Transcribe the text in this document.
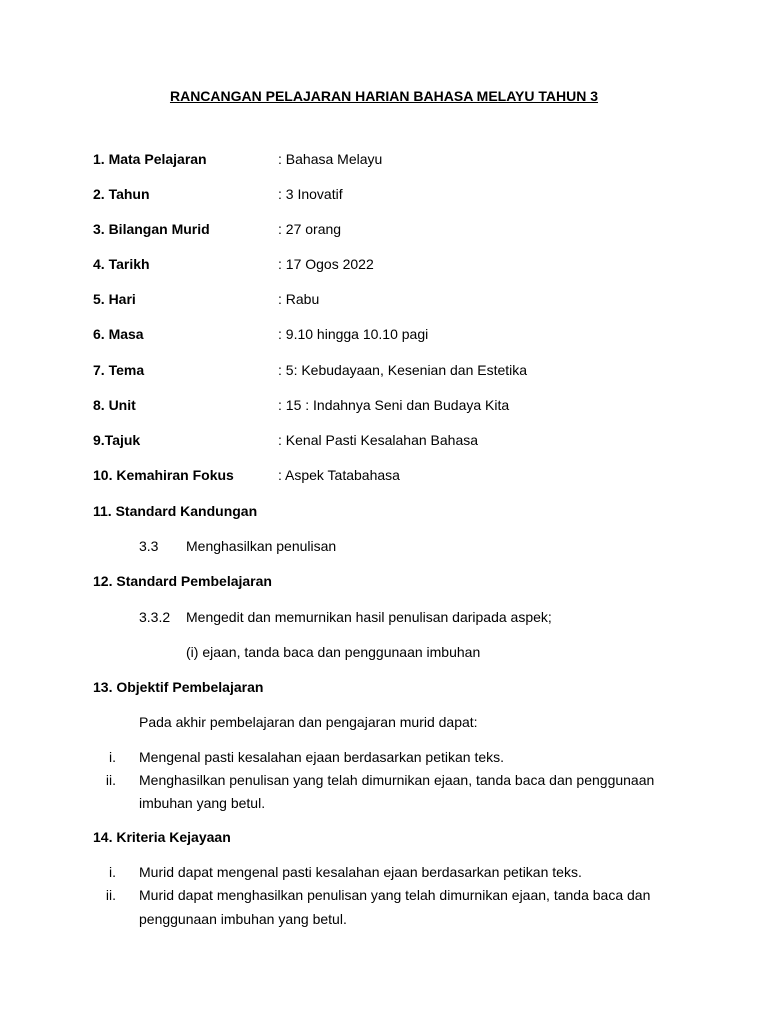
RANCANGAN PELAJARAN HARIAN BAHASA MELAYU TAHUN 3
1. Mata Pelajaran	: Bahasa Melayu
2. Tahun	: 3 Inovatif
3. Bilangan Murid	: 27 orang
4. Tarikh	: 17 Ogos 2022
5. Hari	: Rabu
6. Masa	: 9.10 hingga 10.10 pagi
7. Tema	: 5: Kebudayaan, Kesenian dan Estetika
8. Unit	: 15 : Indahnya Seni dan Budaya Kita
9.Tajuk	: Kenal Pasti Kesalahan Bahasa
10. Kemahiran Fokus	: Aspek Tatabahasa
11. Standard Kandungan
3.3 Menghasilkan penulisan
12. Standard Pembelajaran
3.3.2 Mengedit dan memurnikan hasil penulisan daripada aspek;
(i) ejaan, tanda baca dan penggunaan imbuhan
13. Objektif Pembelajaran
Pada akhir pembelajaran dan pengajaran murid dapat:
i. Mengenal pasti kesalahan ejaan berdasarkan petikan teks.
ii. Menghasilkan penulisan yang telah dimurnikan ejaan, tanda baca dan penggunaan
imbuhan yang betul.
14. Kriteria Kejayaan
i. Murid dapat mengenal pasti kesalahan ejaan berdasarkan petikan teks.
ii. Murid dapat menghasilkan penulisan yang telah dimurnikan ejaan, tanda baca dan
penggunaan imbuhan yang betul.
